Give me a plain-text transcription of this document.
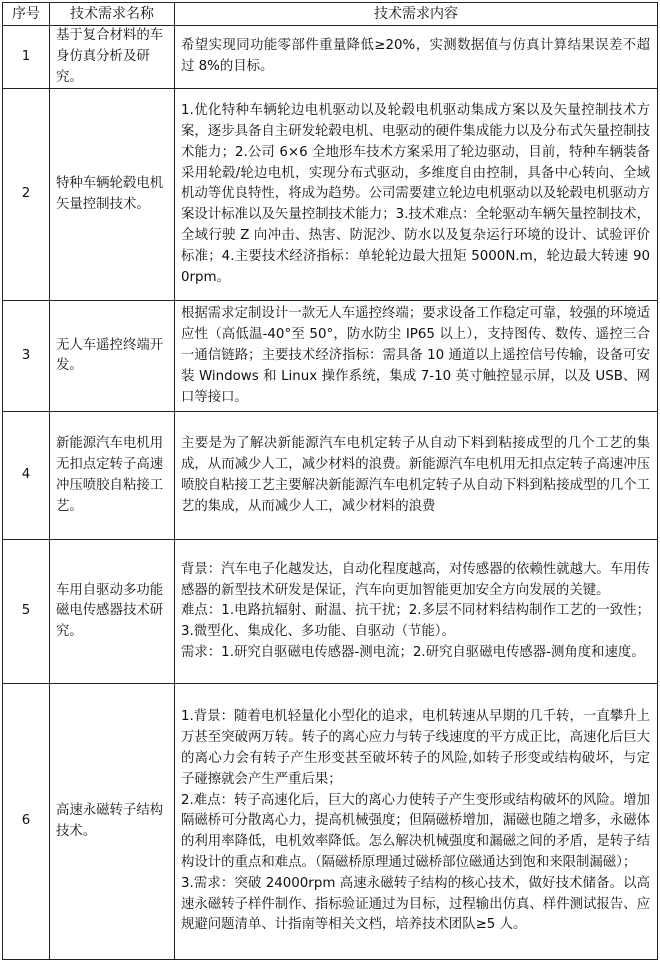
序号	技术需求名称	技术需求内容
1	基于复合材料的车身仿真分析及研究。	希望实现同功能零部件重量降低≥20%，实测数据值与仿真计算结果误差不超过 8%的目标。

2	特种车辆轮毂电机矢量控制技术。	1.优化特种车辆轮边电机驱动以及轮毂电机驱动集成方案以及矢量控制技术方案，逐步具备自主研发轮毂电机、电驱动的硬件集成能力以及分布式矢量控制技术能力；2.公司 6×6 全地形车技术方案采用了轮边驱动，目前，特种车辆装备采用轮毂/轮边电机，实现分布式驱动，多维度自由控制，具备中心转向、全域机动等优良特性，将成为趋势。公司需要建立轮边电机驱动以及轮毂电机驱动方案设计标准以及矢量控制技术能力；3.技术难点：全轮驱动车辆矢量控制技术，全域行驶 Z 向冲击、热害、防泥沙、防水以及复杂运行环境的设计、试验评价标准；4.主要技术经济指标：单轮轮边最大扭矩 5000N.m，轮边最大转速 900rpm。

3	无人车遥控终端开发。	根据需求定制设计一款无人车遥控终端；要求设备工作稳定可靠，较强的环境适应性（高低温-40°至 50°，防水防尘 IP65 以上），支持图传、数传、遥控三合一通信链路；主要技术经济指标：需具备 10 通道以上遥控信号传输，设备可安装 Windows 和 Linux 操作系统，集成 7-10 英寸触控显示屏，以及 USB、网口等接口。

4	新能源汽车电机用无扣点定转子高速冲压喷胶自粘接工艺。	主要是为了解决新能源汽车电机定转子从自动下料到粘接成型的几个工艺的集成，从而减少人工，减少材料的浪费。新能源汽车电机用无扣点定转子高速冲压喷胶自粘接工艺主要解决新能源汽车电机定转子从自动下料到粘接成型的几个工艺的集成，从而减少人工，减少材料的浪费

5	车用自驱动多功能磁电传感器技术研究。	背景：汽车电子化越发达，自动化程度越高，对传感器的依赖性就越大。车用传感器的新型技术研发是保证，汽车向更加智能更加安全方向发展的关键。
难点：1.电路抗辐射、耐温、抗干扰；2.多层不同材料结构制作工艺的一致性；3.微型化、集成化、多功能、自驱动（节能）。
需求：1.研究自驱磁电传感器-测电流；2.研究自驱磁电传感器-测角度和速度。

6	高速永磁转子结构技术。	1.背景：随着电机轻量化小型化的追求，电机转速从早期的几千转，一直攀升上万甚至突破两万转。转子的离心应力与转子线速度的平方成正比，高速化后巨大的离心力会有转子产生形变甚至破坏转子的风险,如转子形变或结构破坏，与定子碰擦就会产生严重后果；
2.难点：转子高速化后，巨大的离心力使转子产生变形或结构破坏的风险。增加隔磁桥可分散离心力，提高机械强度；但隔磁桥增加，漏磁也随之增多，永磁体的利用率降低，电机效率降低。怎么解决机械强度和漏磁之间的矛盾，是转子结构设计的重点和难点。（隔磁桥原理通过磁桥部位磁通达到饱和来限制漏磁）；
3.需求：突破 24000rpm 高速永磁转子结构的核心技术，做好技术储备。以高速永磁转子样件制作、指标验证通过为目标，过程输出仿真、样件测试报告、应规避问题清单、计指南等相关文档，培养技术团队≥5 人。
